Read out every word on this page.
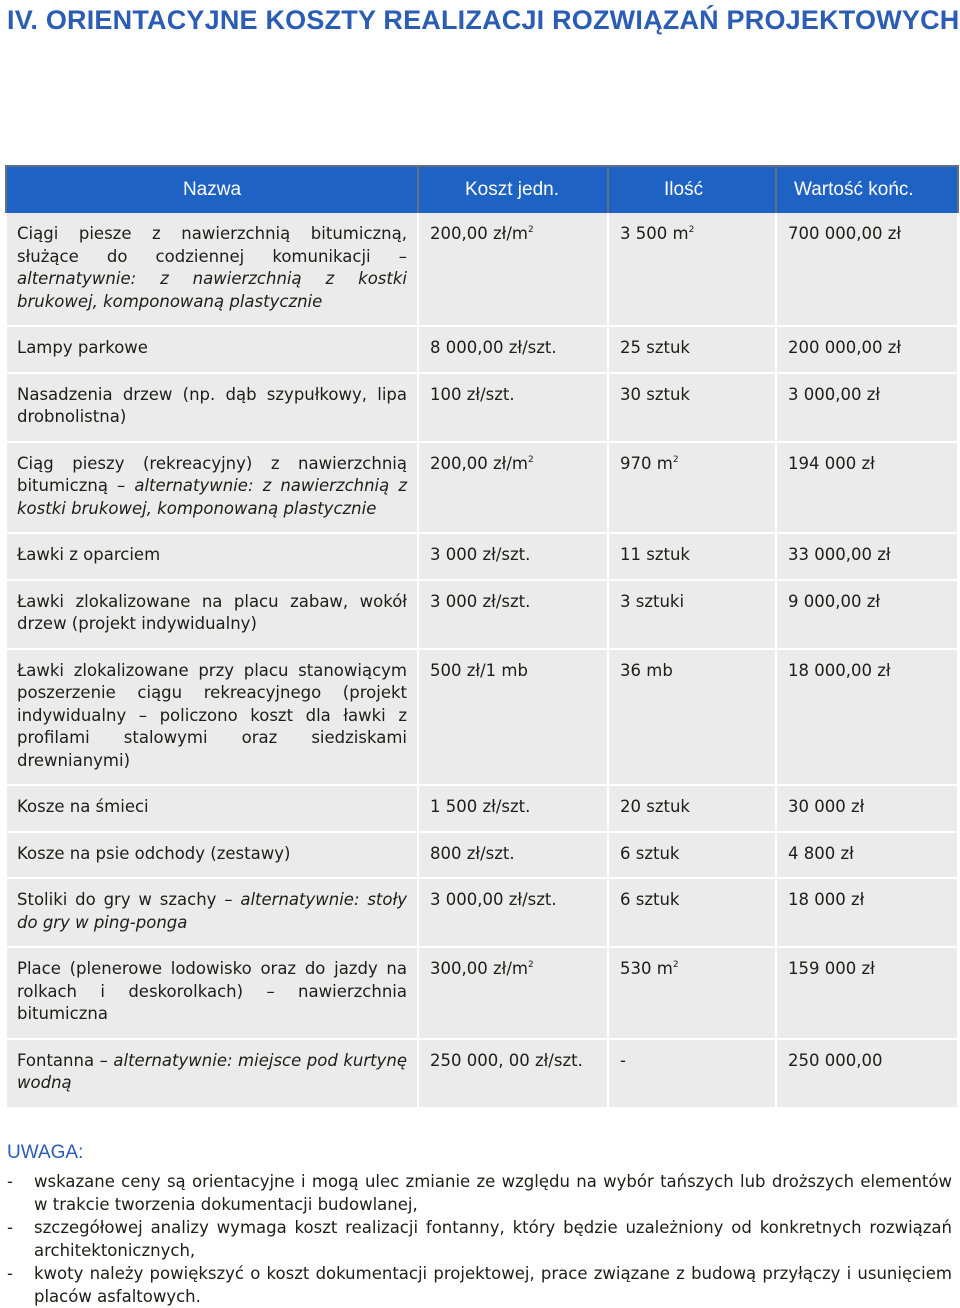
IV. ORIENTACYJNE KOSZTY REALIZACJI ROZWIĄZAŃ PROJEKTOWYCH
Nazwa	Koszt jedn.	Ilość	Wartość końc.
Ciągi piesze z nawierzchnią bitumiczną, służące do codziennej komunikacji – alternatywnie: z nawierzchnią z kostki brukowej, komponowaną plastycznie	200,00 $zł/m^2$	3 500 $m^2$	700 000,00 zł
Lampy parkowe	8 000,00 zł/szt.	25 sztuk	200 000,00 zł
Nasadzenia drzew (np. dąb szypułkowy, lipa drobnolistna)	100 zł/szt.	30 sztuk	3 000,00 zł
Ciąg pieszy (rekreacyjny) z nawierzchnią bitumiczną – alternatywnie: z nawierzchnią z kostki brukowej, komponowaną plastycznie	200,00 $zł/m^2$	970 $m^2$	194 000 zł
Ławki z oparciem	3 000 zł/szt.	11 sztuk	33 000,00 zł
Ławki zlokalizowane na placu zabaw, wokół drzew (projekt indywidualny)	3 000 zł/szt.	3 sztuki	9 000,00 zł
Ławki zlokalizowane przy placu stanowiącym poszerzenie ciągu rekreacyjnego (projekt indywidualny – policzono koszt dla ławki z profilami stalowymi oraz siedziskami drewnianymi)	500 zł/1 mb	36 mb	18 000,00 zł
Kosze na śmieci	1 500 zł/szt.	20 sztuk	30 000 zł
Kosze na psie odchody (zestawy)	800 zł/szt.	6 sztuk	4 800 zł
Stoliki do gry w szachy – alternatywnie: stoły do gry w ping-ponga	3 000,00 zł/szt.	6 sztuk	18 000 zł
Place (plenerowe lodowisko oraz do jazdy na rolkach i deskorolkach) – nawierzchnia bitumiczna	300,00 $zł/m^2$	530 $m^2$	159 000 zł
Fontanna – alternatywnie: miejsce pod kurtynę wodną	250 000, 00 zł/szt.	-	250 000,00
UWAGA:
- wskazane ceny są orientacyjne i mogą ulec zmianie ze względu na wybór tańszych lub droższych elementów w trakcie tworzenia dokumentacji budowlanej,
- szczegółowej analizy wymaga koszt realizacji fontanny, który będzie uzależniony od konkretnych rozwiązań architektonicznych,
- kwoty należy powiększyć o koszt dokumentacji projektowej, prace związane z budową przyłączy i usunięciem placów asfaltowych.
